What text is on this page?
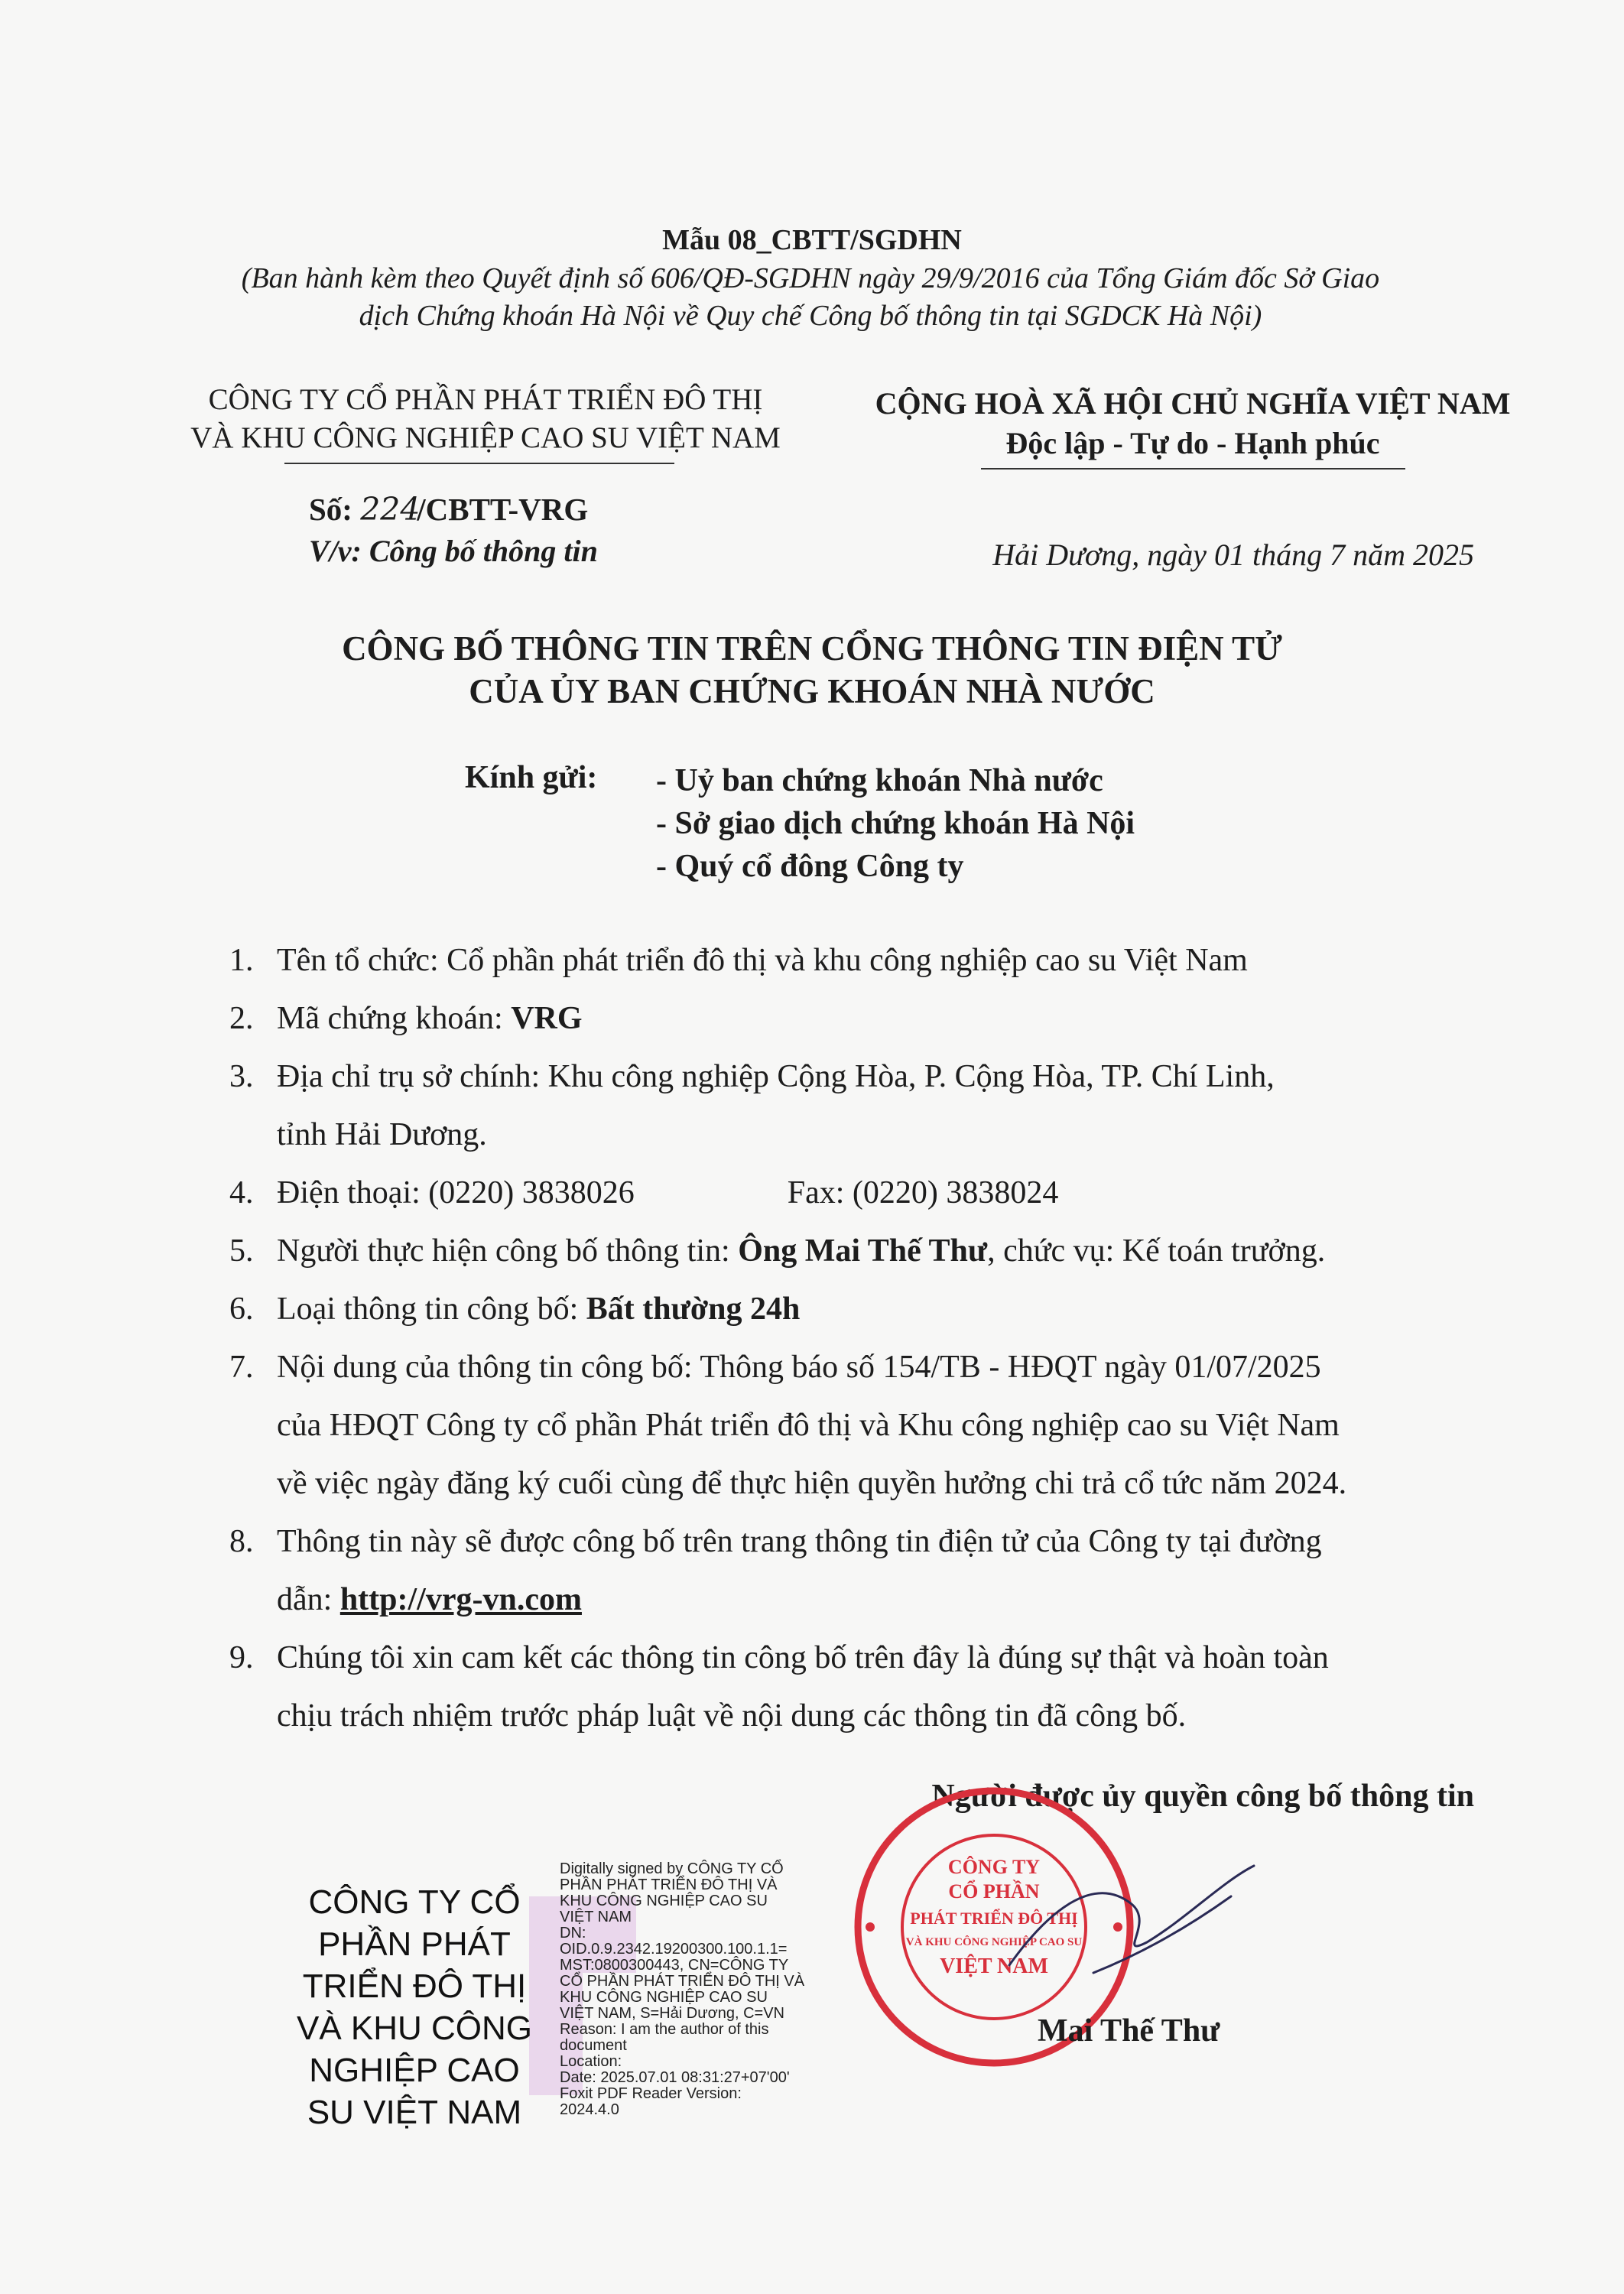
Mẫu 08_CBTT/SGDHN
(Ban hành kèm theo Quyết định số 606/QĐ-SGDHN ngày 29/9/2016 của Tổng Giám đốc Sở Giao
dịch Chứng khoán Hà Nội về Quy chế Công bố thông tin tại SGDCK Hà Nội)
CÔNG TY CỔ PHẦN PHÁT TRIỂN ĐÔ THỊ
VÀ KHU CÔNG NGHIỆP CAO SU VIỆT NAM
CỘNG HOÀ XÃ HỘI CHỦ NGHĨA VIỆT NAM
Độc lập - Tự do - Hạnh phúc
Số: 224/CBTT-VRG
V/v: Công bố thông tin	Hải Dương, ngày 01 tháng 7 năm 2025
CÔNG BỐ THÔNG TIN TRÊN CỔNG THÔNG TIN ĐIỆN TỬ
CỦA ỦY BAN CHỨNG KHOÁN NHÀ NƯỚC
Kính gửi: - Uỷ ban chứng khoán Nhà nước
- Sở giao dịch chứng khoán Hà Nội
- Quý cổ đông Công ty
1. Tên tổ chức: Cổ phần phát triển đô thị và khu công nghiệp cao su Việt Nam
2. Mã chứng khoán: VRG
3. Địa chỉ trụ sở chính: Khu công nghiệp Cộng Hòa, P. Cộng Hòa, TP. Chí Linh,
tỉnh Hải Dương.
4. Điện thoại: (0220) 3838026	Fax: (0220) 3838024
5. Người thực hiện công bố thông tin: Ông Mai Thế Thư, chức vụ: Kế toán trưởng.
6. Loại thông tin công bố: Bất thường 24h
7. Nội dung của thông tin công bố: Thông báo số 154/TB - HĐQT ngày 01/07/2025
của HĐQT Công ty cổ phần Phát triển đô thị và Khu công nghiệp cao su Việt Nam
về việc ngày đăng ký cuối cùng để thực hiện quyền hưởng chi trả cổ tức năm 2024.
8. Thông tin này sẽ được công bố trên trang thông tin điện tử của Công ty tại đường
dẫn: http://vrg-vn.com
9. Chúng tôi xin cam kết các thông tin công bố trên đây là đúng sự thật và hoàn toàn
chịu trách nhiệm trước pháp luật về nội dung các thông tin đã công bố.
Người được ủy quyền công bố thông tin
CÔNG TY
CỔ PHẦN
PHÁT TRIỂN ĐÔ THỊ
VÀ KHU CÔNG NGHIỆP CAO SU
VIỆT NAM
Mai Thế Thư
CÔNG TY CỔ
PHẦN PHÁT
TRIỂN ĐÔ THỊ
VÀ KHU CÔNG
NGHIỆP CAO
SU VIỆT NAM
Digitally signed by CÔNG TY CỔ
PHẦN PHÁT TRIỂN ĐÔ THỊ VÀ
KHU CÔNG NGHIỆP CAO SU
VIỆT NAM
DN:
OID.0.9.2342.19200300.100.1.1=
MST:0800300443, CN=CÔNG TY
CỔ PHẦN PHÁT TRIỂN ĐÔ THỊ VÀ
KHU CÔNG NGHIỆP CAO SU
VIỆT NAM, S=Hải Dương, C=VN
Reason: I am the author of this
document
Location:
Date: 2025.07.01 08:31:27+07'00'
Foxit PDF Reader Version:
2024.4.0
